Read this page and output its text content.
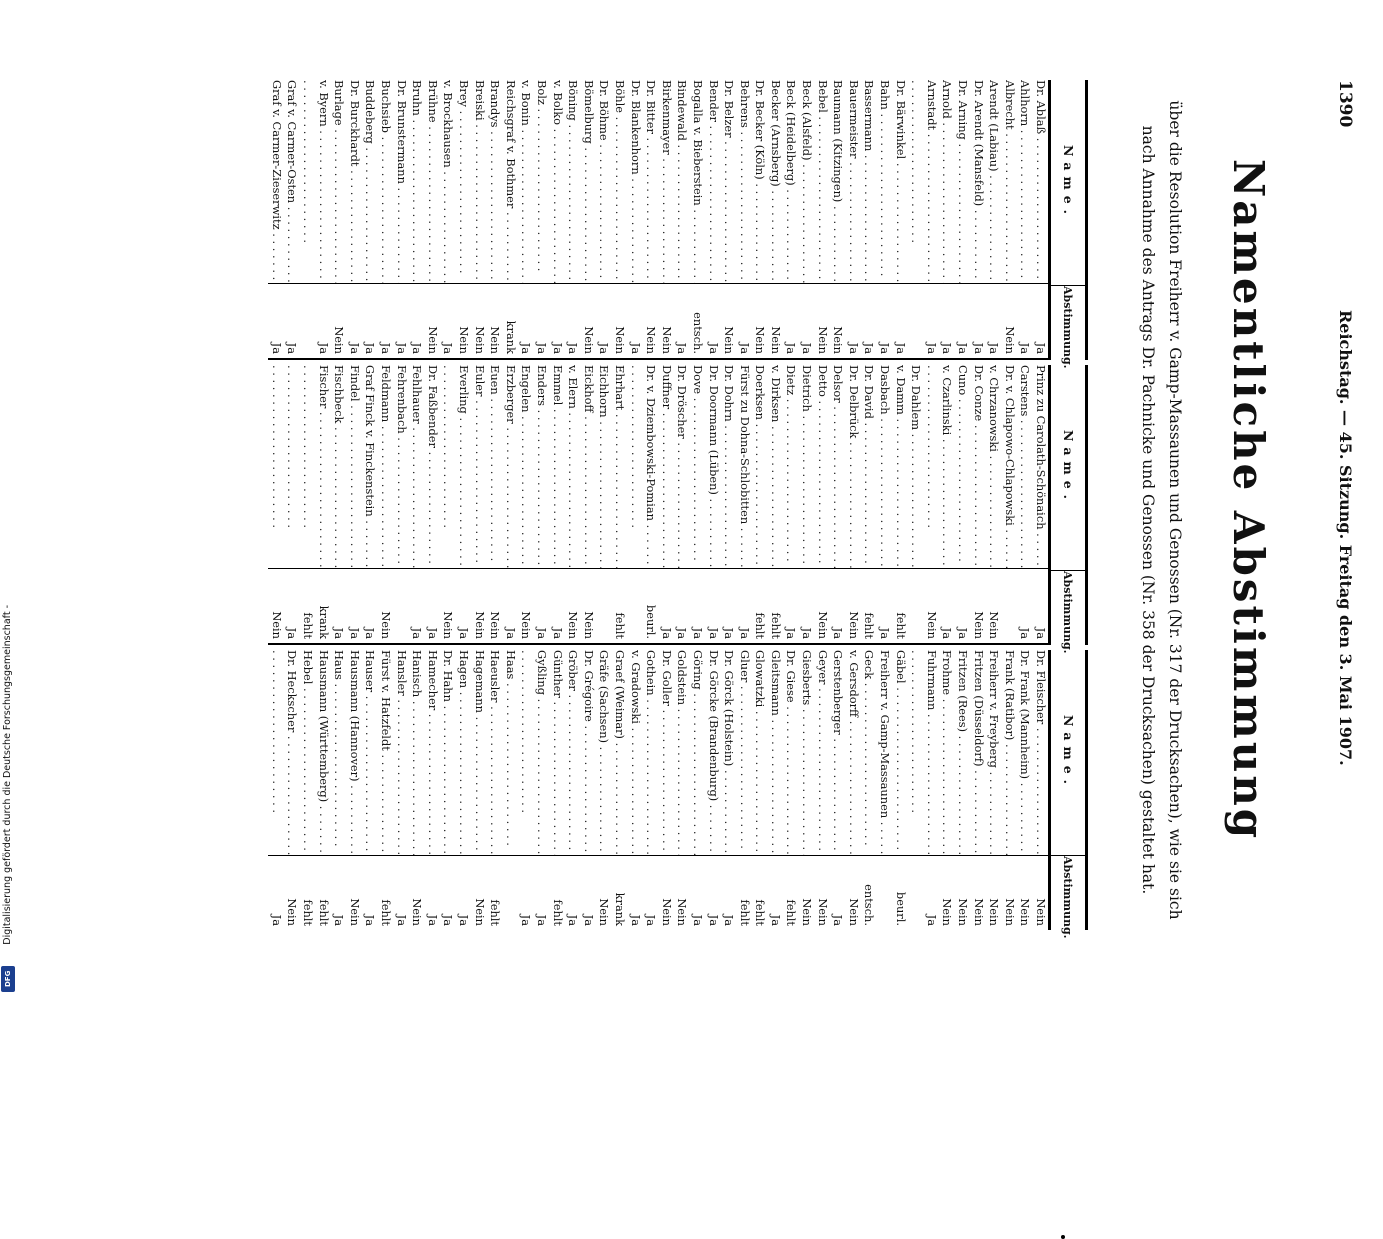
1390
Reichstag. — 45. Sitzung. Freitag den 3. Mai 1907.
Namentliche Abstimmung
über die Resolution Freiherr v. Gamp-Massaunen und Genossen (Nr. 317 der Drucksachen), wie sie sich nach Annahme des Antrags Dr. Pachnicke und Genossen (Nr. 358 der Drucksachen) gestaltet hat.
Name.
Abstimmung.
Dr. Ablaß . . .
Ja
Ahlhorn . . .
Ja
Albrecht . . .
Nein
Arendt (Labiau) . . .
Ja
Dr. Arendt (Mansfeld) . . .
Ja
Dr. Arning . . .
Ja
Arnold . . .
Ja
Arnstadt . . .
Ja
. . .
Dr. Bärwinkel . . .
Ja
Bahn . . .
Ja
Bassermann . . .
Ja
Bauermeister . . .
Ja
Baumann (Kitzingen) . . .
Nein
Bebel . . .
Nein
Beck (Alsfeld) . . .
Ja
Beck (Heidelberg) . . .
Ja
Becker (Arnsberg) . . .
Nein
Dr. Becker (Köln) . . .
Nein
Behrens . . .
Ja
Dr. Belzer . . .
Nein
Bender . . .
Ja
Bogalla v. Bieberstein . . .
entsch.
Bindewald . . .
Ja
Birkenmayer . . .
Nein
Dr. Bitter . . .
Nein
Dr. Blankenhorn . . .
Ja
Böhle . . .
Nein
Dr. Böhme . . .
Ja
Bömelburg . . .
Nein
Böning . . .
Ja
v. Bolko . . .
Ja
Bolz . . .
Ja
v. Bonin . . .
Ja
Reichsgraf v. Bothmer . . .
krank
Brandys . . .
Nein
Breiski . . .
Nein
Brey . . .
Nein
v. Brockhausen . . .
Ja
Brühne . . .
Nein
Bruhn . . .
Ja
Dr. Brunstermann . . .
Ja
Buchsieb . . .
Ja
Buddeberg . . .
Ja
Dr. Burckhardt . . .
Ja
Burlage . . .
Nein
v. Byern . . .
Ja
. . .
Graf v. Carmer-Osten . . .
Ja
Graf v. Carmer-Zieserwitz . . .
Ja
Name.
Abstimmung.
Prinz zu Carolath-Schönaich . . .
Ja
Carstens . . .
Ja
Dr. v. Chlapowo-Chlapowski . . .
v. Chrzanowski . . .
Nein
Dr. Conze . . .
Nein
Cuno . . .
Ja
v. Czarlinski . . .
Ja
. . .
Nein
Dr. Dahlem . . .
v. Damm . . .
fehlt
Dasbach . . .
Ja
Dr. David . . .
fehlt
Dr. Delbrück . . .
Nein
Delsor . . .
Ja
Detto . . .
Nein
Dietrich . . .
Ja
Dietz . . .
Ja
v. Dirksen . . .
fehlt
Doerksen . . .
fehlt
Fürst zu Dohna-Schlobitten . . .
Ja
Dr. Dohrn . . .
Ja
Dr. Doormann (Lüben) . . .
Ja
Dove . . .
Ja
Dr. Dröscher . . .
Ja
Duffner . . .
Ja
Dr. v. Dziembowski-Pomian . . .
beurl.
. . .
Ehrhart . . .
fehlt
Eichhorn . . .
Eickhoff . . .
Nein
v. Elern . . .
Nein
Emmel . . .
Ja
Enders . . .
Ja
Engelen . . .
Nein
Erzberger . . .
Ja
Euen . . .
Nein
Euler . . .
Nein
Everling . . .
Ja
. . .
Nein
Dr. Faßbender . . .
Ja
Fehlhauer . . .
Ja
Fehrenbach . . .
Feldmann . . .
Nein
Graf Finck v. Finckenstein . . .
Ja
Findel . . .
Ja
Fischbeck . . .
Ja
Fischer . . .
krank
. . .
fehlt
. . .
Ja
. . .
Nein
Name.
Abstimmung.
Dr. Fleischer . . .
Nein
Dr. Frank (Mannheim) . . .
Nein
Frank (Ratibor) . . .
Nein
Freiherr v. Freyberg . . .
Nein
Fritzen (Düsseldorf) . . .
Nein
Fritzen (Rees) . . .
Nein
Frohme . . .
Nein
Fuhrmann . . .
Ja
. . .
Gäbel . . .
beurl.
Freiherr v. Gamp-Massaunen . . .
Geck . . .
entsch.
v. Gersdorff . . .
Nein
Gerstenberger . . .
Ja
Geyer . . .
Nein
Giesberts . . .
Nein
Dr. Giese . . .
fehlt
Gleitsmann . . .
Ja
Glowatzki . . .
fehlt
Gluer . . .
fehlt
Dr. Görck (Holstein) . . .
Ja
Dr. Görcke (Brandenburg) . . .
Ja
Göring . . .
Ja
Goldstein . . .
Nein
Dr. Goller . . .
Nein
Gothein . . .
Ja
v. Gradowski . . .
Ja
Graef (Weimar) . . .
krank
Gräfe (Sachsen) . . .
Nein
Dr. Grégoire . . .
Ja
Gröber . . .
Ja
Günther . . .
fehlt
Gyßling . . .
Ja
. . .
Ja
Haas . . .
Haeusler . . .
fehlt
Hagemann . . .
Nein
Hagen . . .
Ja
Dr. Hahn . . .
Ja
Hamecher . . .
Ja
Hanisch . . .
Nein
Hansler . . .
Ja
Fürst v. Hatzfeldt . . .
fehlt
Hauser . . .
Ja
Hausmann (Hannover) . . .
Nein
Haus . . .
Ja
Hausmann (Württemberg) . . .
fehlt
Hebel . . .
fehlt
Dr. Heckscher . . .
Nein
. . .
Ja
Digitalisierung gefördert durch die Deutsche Forschungsgemeinschaft -
DFG
